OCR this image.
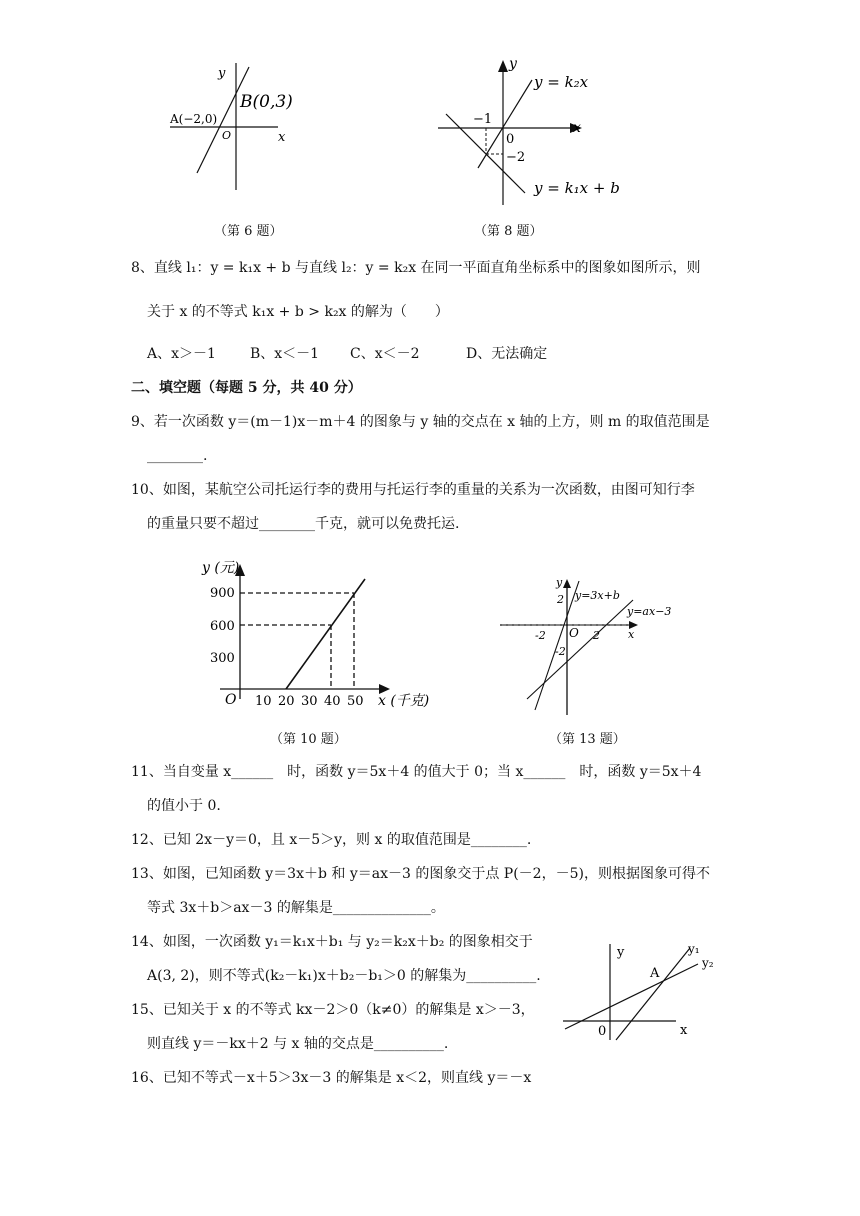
y
x
O
A(−2,0)
B(0,3)
（第 6 题）
y
x
y = k₂x
y = k₁x + b
−1
0
−2
（第 8 题）
8、直线 l₁：y = k₁x + b 与直线 l₂：y = k₂x 在同一平面直角坐标系中的图象如图所示，则
关于 x 的不等式 k₁x + b > k₂x 的解为（　　）
A、x＞－1 B、x＜－1 C、x＜－2	D、无法确定
二、填空题（每题 5 分，共 40 分）
9、若一次函数 y＝(m－1)x－m＋4 的图象与 y 轴的交点在 x 轴的上方，则 m 的取值范围是
________.
10、如图，某航空公司托运行李的费用与托运行李的重量的关系为一次函数，由图可知行李
的重量只要不超过________千克，就可以免费托运.
y (元)
x (千克)
O
900
600
300
10 20 30 40 50
（第 10 题）
y
x
O
y=3x+b
y=ax−3
2
-2	2
-2
（第 13 题）
11、当自变量 x______　时，函数 y＝5x＋4 的值大于 0；当 x______　时，函数 y＝5x＋4
的值小于 0.
12、已知 2x－y＝0，且 x－5＞y，则 x 的取值范围是________.
13、如图，已知函数 y＝3x＋b 和 y＝ax－3 的图象交于点 P(－2，－5)，则根据图象可得不
等式 3x＋b＞ax－3 的解集是______________。
14、如图，一次函数 y₁＝k₁x＋b₁ 与 y₂＝k₂x＋b₂ 的图象相交于
A(3, 2)，则不等式(k₂－k₁)x＋b₂－b₁＞0 的解集为__________.
15、已知关于 x 的不等式 kx－2＞0（k≠0）的解集是 x＞－3，
则直线 y＝－kx＋2 与 x 轴的交点是__________.
16、已知不等式－x＋5＞3x－3 的解集是 x＜2，则直线 y＝－x
y
x
0
A
y₁
y₂
